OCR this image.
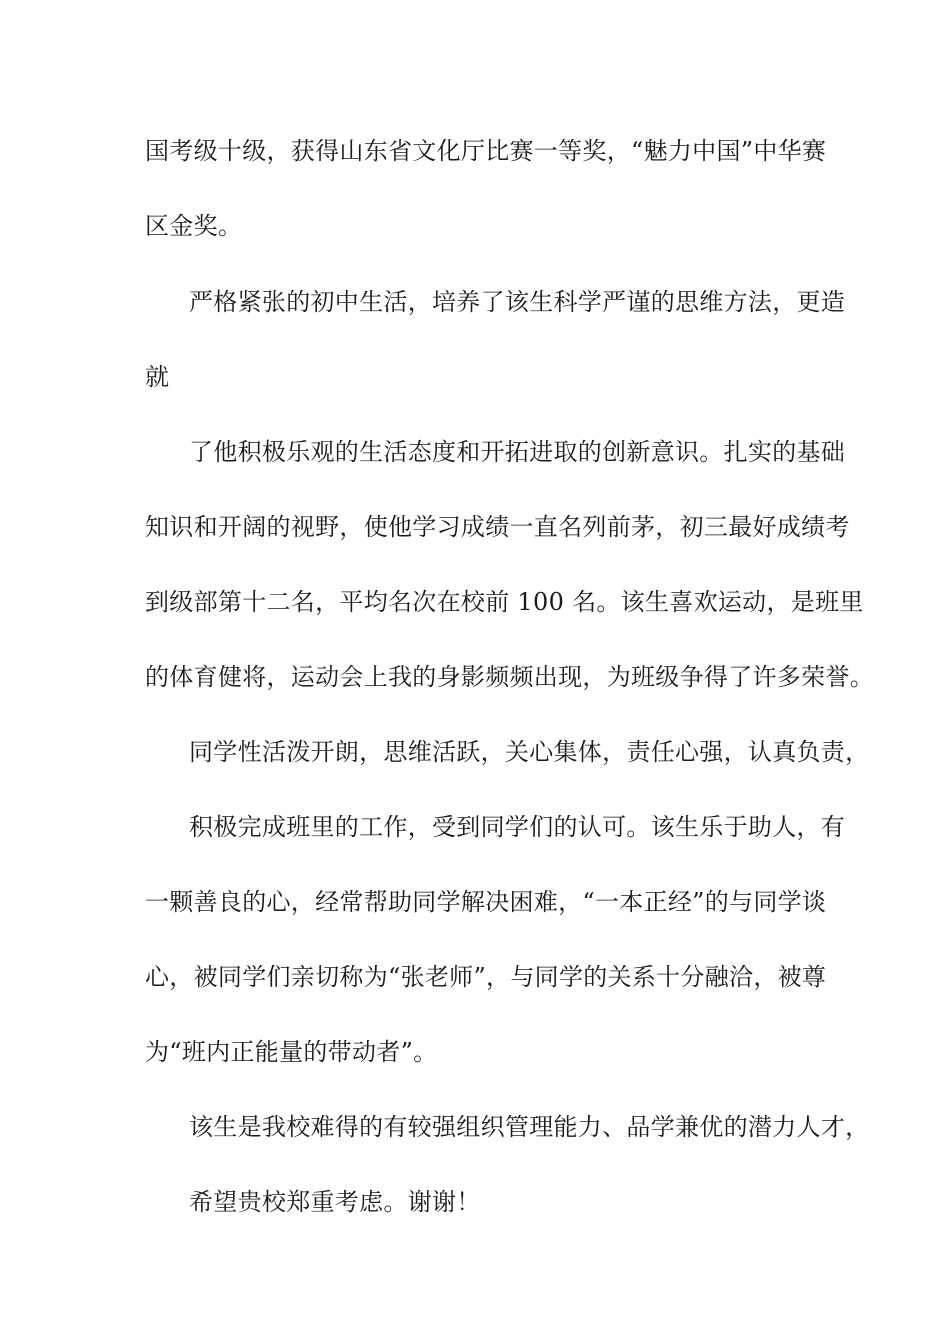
国考级十级，获得山东省文化厅比赛一等奖，“魅力中国”中华赛
区金奖。
严格紧张的初中生活，培养了该生科学严谨的思维方法，更造
就
了他积极乐观的生活态度和开拓进取的创新意识。扎实的基础
知识和开阔的视野，使他学习成绩一直名列前茅，初三最好成绩考
到级部第十二名，平均名次在校前 100 名。该生喜欢运动，是班里
的体育健将，运动会上我的身影频频出现，为班级争得了许多荣誉。
同学性活泼开朗，思维活跃，关心集体，责任心强，认真负责，
积极完成班里的工作，受到同学们的认可。该生乐于助人，有
一颗善良的心，经常帮助同学解决困难，“一本正经”的与同学谈
心，被同学们亲切称为“张老师”，与同学的关系十分融洽，被尊
为“班内正能量的带动者”。
该生是我校难得的有较强组织管理能力、品学兼优的潜力人才，
希望贵校郑重考虑。谢谢！
